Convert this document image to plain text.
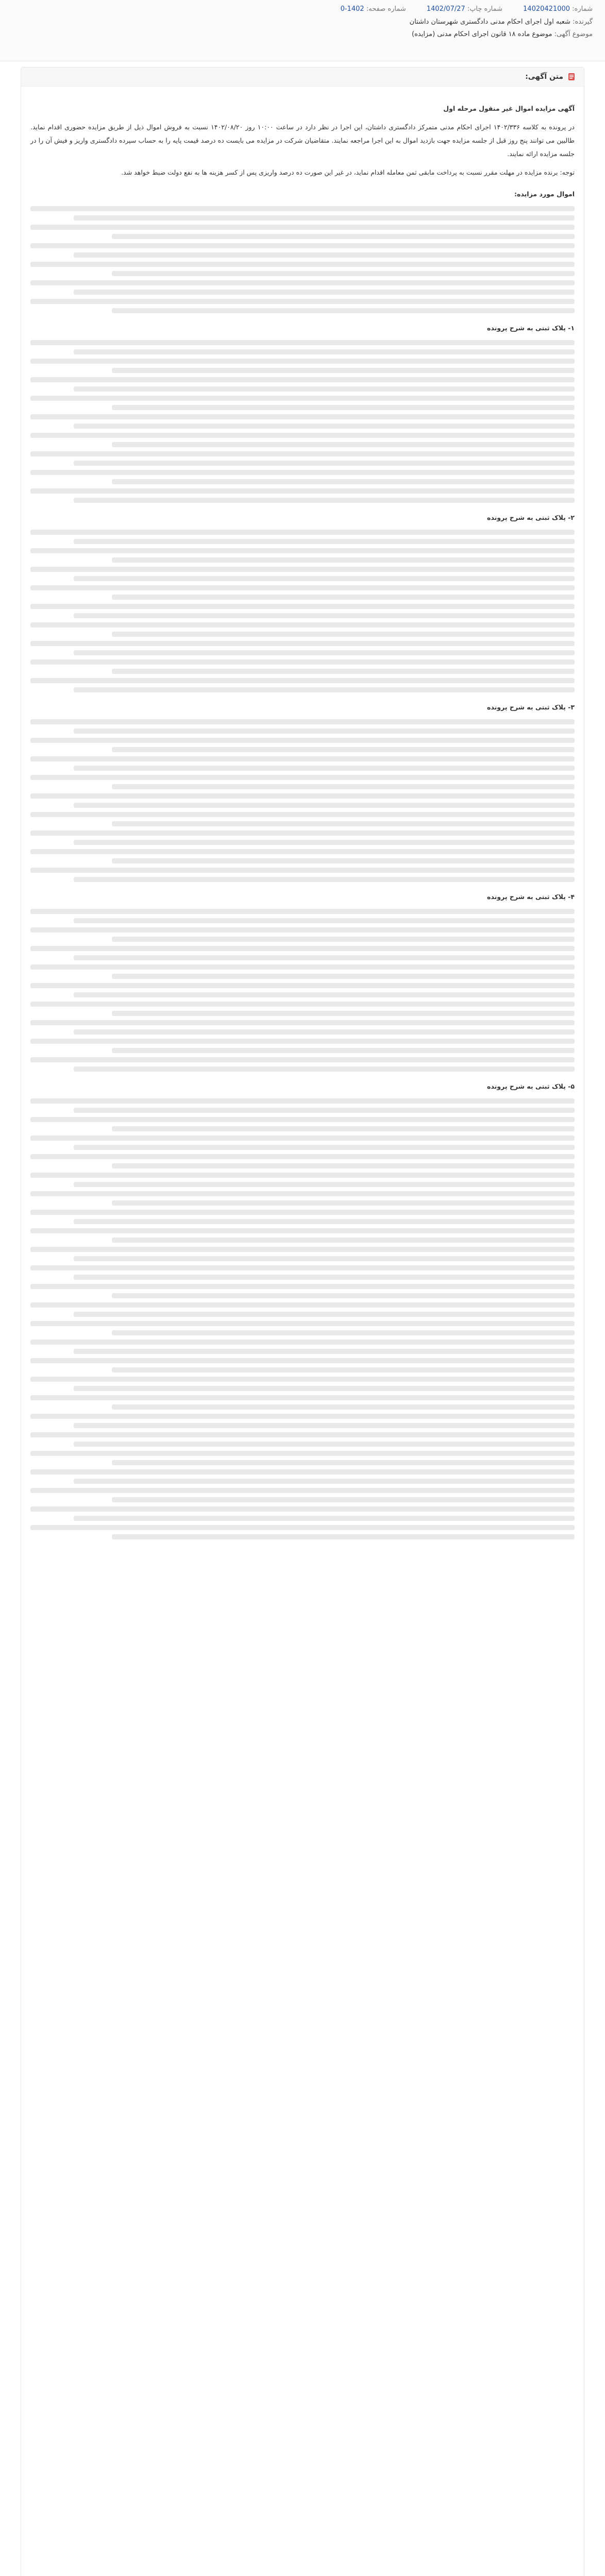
شماره: 14020421000
شماره چاپ: 1402/07/27
شماره صفحه: 1402-0
گیرنده: شعبه اول اجرای احکام مدنی دادگستری شهرستان داشتان
موضوع آگهی: موضوع ماده ۱۸ قانون اجرای احکام مدنی (مزایده)
متن آگهی:

آگهی مزایده اموال غیر منقول مرحله اول

در پرونده به کلاسه ۱۴۰۲/۳۳۶ اجرای احکام مدنی متمرکز دادگستری داشتان، این اجرا در نظر دارد در ساعت ۱۰:۰۰ روز ۱۴۰۲/۰۸/۲۰ نسبت به فروش اموال ذیل از طریق مزایده حضوری اقدام نماید. طالبین می توانند پنج روز قبل از جلسه مزایده جهت بازدید اموال به این اجرا مراجعه نمایند. متقاضیان شرکت در مزایده می بایست ده درصد قیمت پایه را به حساب سپرده دادگستری واریز و فیش آن را در جلسه مزایده ارائه نمایند.

توجه: برنده مزایده در مهلت مقرر نسبت به پرداخت مابقی ثمن معامله اقدام نماید، در غیر این صورت ده درصد واریزی پس از کسر هزینه ها به نفع دولت ضبط خواهد شد.

اموال مورد مزایده:

۱- پلاک ثبتی به شرح پرونده

۲- پلاک ثبتی به شرح پرونده

۳- پلاک ثبتی به شرح پرونده

۴- پلاک ثبتی به شرح پرونده

۵- پلاک ثبتی به شرح پرونده
